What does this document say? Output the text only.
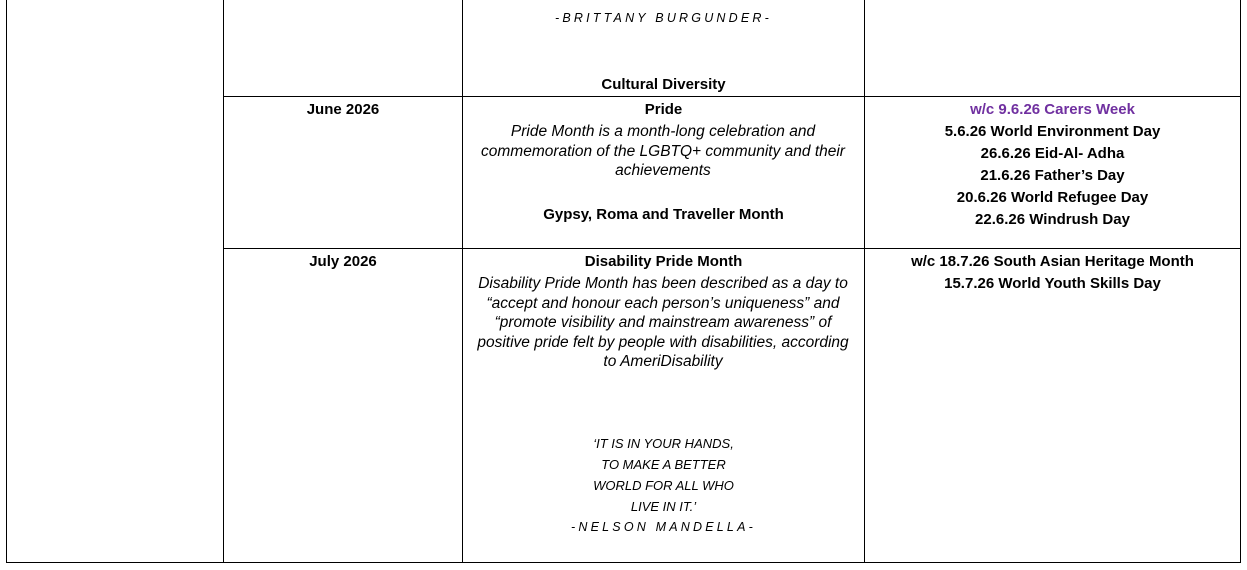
-BRITTANY BURGUNDER-
Cultural Diversity
June 2026	Pride
Pride Month is a month-long celebration and commemoration of the LGBTQ+ community and their achievements
Gypsy, Roma and Traveller Month
w/c 9.6.26 Carers Week
5.6.26 World Environment Day
26.6.26 Eid-Al- Adha
21.6.26 Father’s Day
20.6.26 World Refugee Day
22.6.26 Windrush Day
July 2026	Disability Pride Month
Disability Pride Month has been described as a day to “accept and honour each person’s uniqueness” and “promote visibility and mainstream awareness” of positive pride felt by people with disabilities, according to AmeriDisability
‘IT IS IN YOUR HANDS,
TO MAKE A BETTER
WORLD FOR ALL WHO
LIVE IN IT.’
-NELSON MANDELLA-
w/c 18.7.26 South Asian Heritage Month
15.7.26 World Youth Skills Day
